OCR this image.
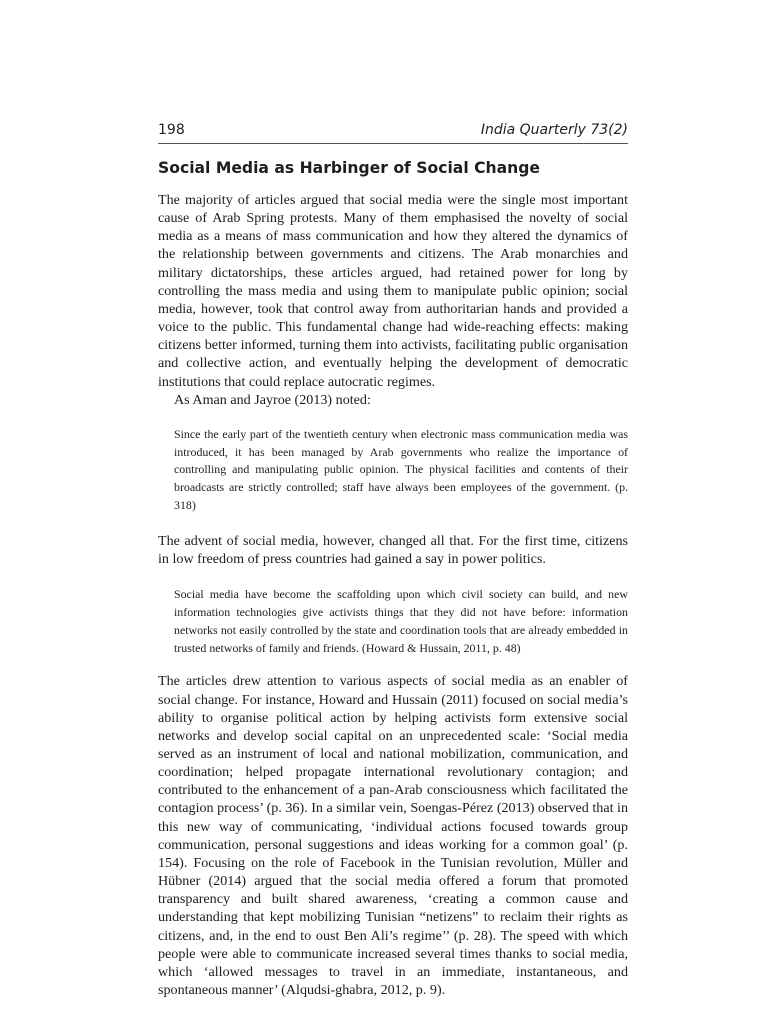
198	India Quarterly 73(2)
Social Media as Harbinger of Social Change

The majority of articles argued that social media were the single most important cause of Arab Spring protests. Many of them emphasised the novelty of social media as a means of mass communication and how they altered the dynamics of the relationship between governments and citizens. The Arab monarchies and military dictatorships, these articles argued, had retained power for long by controlling the mass media and using them to manipulate public opinion; social media, however, took that control away from authoritarian hands and provided a voice to the public. This fundamental change had wide-reaching effects: making citizens better informed, turning them into activists, facilitating public organisation and collective action, and eventually helping the development of democratic institutions that could replace autocratic regimes.

As Aman and Jayroe (2013) noted:

Since the early part of the twentieth century when electronic mass communication media was introduced, it has been managed by Arab governments who realize the importance of controlling and manipulating public opinion. The physical facilities and contents of their broadcasts are strictly controlled; staff have always been employees of the government. (p. 318)

The advent of social media, however, changed all that. For the first time, citizens in low freedom of press countries had gained a say in power politics.

Social media have become the scaffolding upon which civil society can build, and new information technologies give activists things that they did not have before: information networks not easily controlled by the state and coordination tools that are already embedded in trusted networks of family and friends. (Howard & Hussain, 2011, p. 48)

The articles drew attention to various aspects of social media as an enabler of social change. For instance, Howard and Hussain (2011) focused on social media’s ability to organise political action by helping activists form extensive social networks and develop social capital on an unprecedented scale: ‘Social media served as an instrument of local and national mobilization, communication, and coordination; helped propagate international revolutionary contagion; and contributed to the enhancement of a pan-Arab consciousness which facilitated the contagion process’ (p. 36). In a similar vein, Soengas-Pérez (2013) observed that in this new way of communicating, ‘individual actions focused towards group communication, personal suggestions and ideas working for a common goal’ (p. 154). Focusing on the role of Facebook in the Tunisian revolution, Müller and Hübner (2014) argued that the social media offered a forum that promoted transparency and built shared awareness, ‘creating a common cause and understanding that kept mobilizing Tunisian “netizens” to reclaim their rights as citizens, and, in the end to oust Ben Ali’s regime’’ (p. 28). The speed with which people were able to communicate increased several times thanks to social media, which ‘allowed messages to travel in an immediate, instantaneous, and spontaneous manner’ (Alqudsi-ghabra, 2012, p. 9).
